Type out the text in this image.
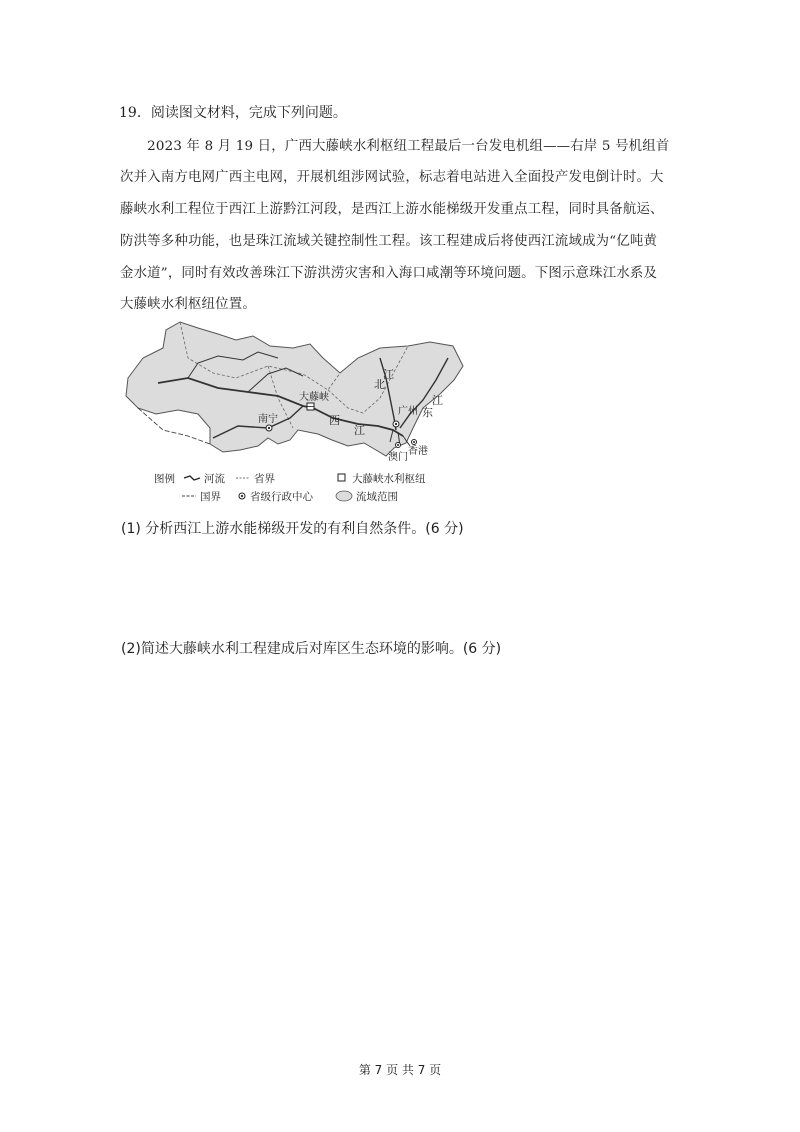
19．阅读图文材料，完成下列问题。
　　2023 年 8 月 19 日，广西大藤峡水利枢纽工程最后一台发电机组——右岸 5 号机组首
次并入南方电网广西主电网，开展机组涉网试验，标志着电站进入全面投产发电倒计时。大
藤峡水利工程位于西江上游黔江河段，是西江上游水能梯级开发重点工程，同时具备航运、
防洪等多种功能，也是珠江流域关键控制性工程。该工程建成后将使西江流域成为“亿吨黄
金水道”，同时有效改善珠江下游洪涝灾害和入海口咸潮等环境问题。下图示意珠江水系及
大藤峡水利枢纽位置。
大藤峡
南宁
广州
西
江
北
江
东
江
澳门
香港
图例	河流	省界	大藤峡水利枢纽
国界	省级行政中心	流域范围
(1) 分析西江上游水能梯级开发的有利自然条件。(6 分)
(2)简述大藤峡水利工程建成后对库区生态环境的影响。(6 分)
第 7 页 共 7 页
